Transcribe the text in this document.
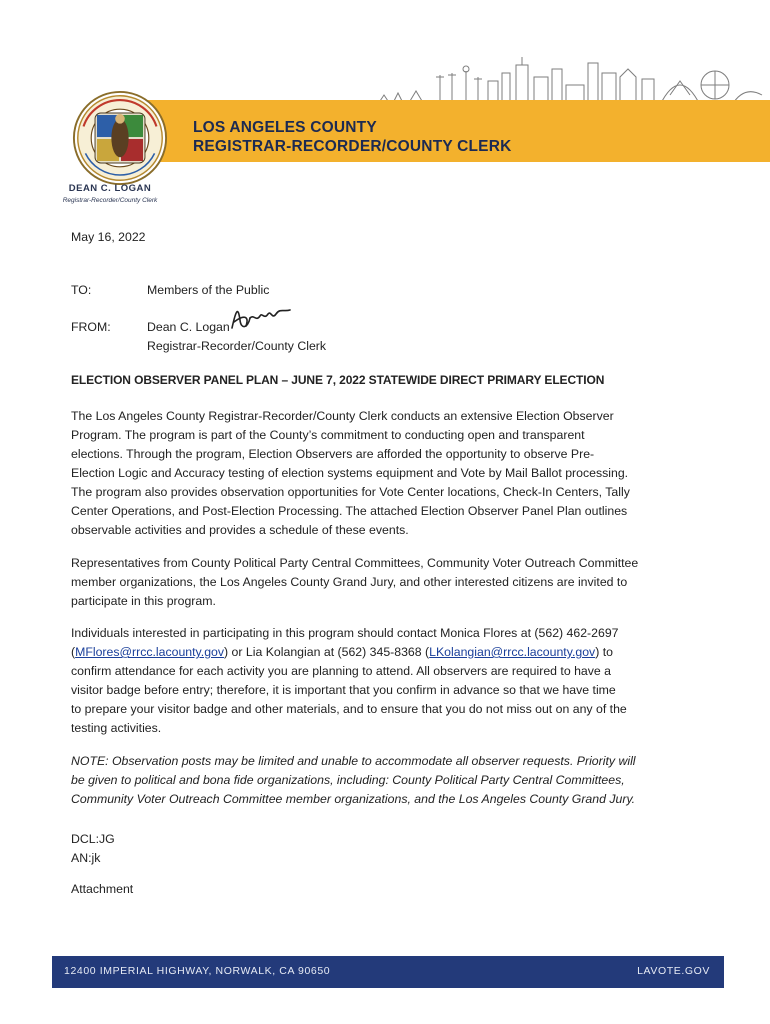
LOS ANGELES COUNTY
REGISTRAR-RECORDER/COUNTY CLERK
DEAN C. LOGAN
Registrar-Recorder/County Clerk
May 16, 2022
TO:	Members of the Public
FROM:	Dean C. Logan
Registrar-Recorder/County Clerk
ELECTION OBSERVER PANEL PLAN – JUNE 7, 2022 STATEWIDE DIRECT PRIMARY ELECTION
The Los Angeles County Registrar-Recorder/County Clerk conducts an extensive Election Observer
Program. The program is part of the County’s commitment to conducting open and transparent
elections. Through the program, Election Observers are afforded the opportunity to observe Pre-
Election Logic and Accuracy testing of election systems equipment and Vote by Mail Ballot processing.
The program also provides observation opportunities for Vote Center locations, Check-In Centers, Tally
Center Operations, and Post-Election Processing. The attached Election Observer Panel Plan outlines
observable activities and provides a schedule of these events.
Representatives from County Political Party Central Committees, Community Voter Outreach Committee
member organizations, the Los Angeles County Grand Jury, and other interested citizens are invited to
participate in this program.
Individuals interested in participating in this program should contact Monica Flores at (562) 462-2697
(MFlores@rrcc.lacounty.gov) or Lia Kolangian at (562) 345-8368 (LKolangian@rrcc.lacounty.gov) to
confirm attendance for each activity you are planning to attend. All observers are required to have a
visitor badge before entry; therefore, it is important that you confirm in advance so that we have time
to prepare your visitor badge and other materials, and to ensure that you do not miss out on any of the
testing activities.
NOTE: Observation posts may be limited and unable to accommodate all observer requests. Priority will
be given to political and bona fide organizations, including: County Political Party Central Committees,
Community Voter Outreach Committee member organizations, and the Los Angeles County Grand Jury.
DCL:JG
AN:jk
Attachment
12400 IMPERIAL HIGHWAY, NORWALK, CA 90650	LAVOTE.GOV
